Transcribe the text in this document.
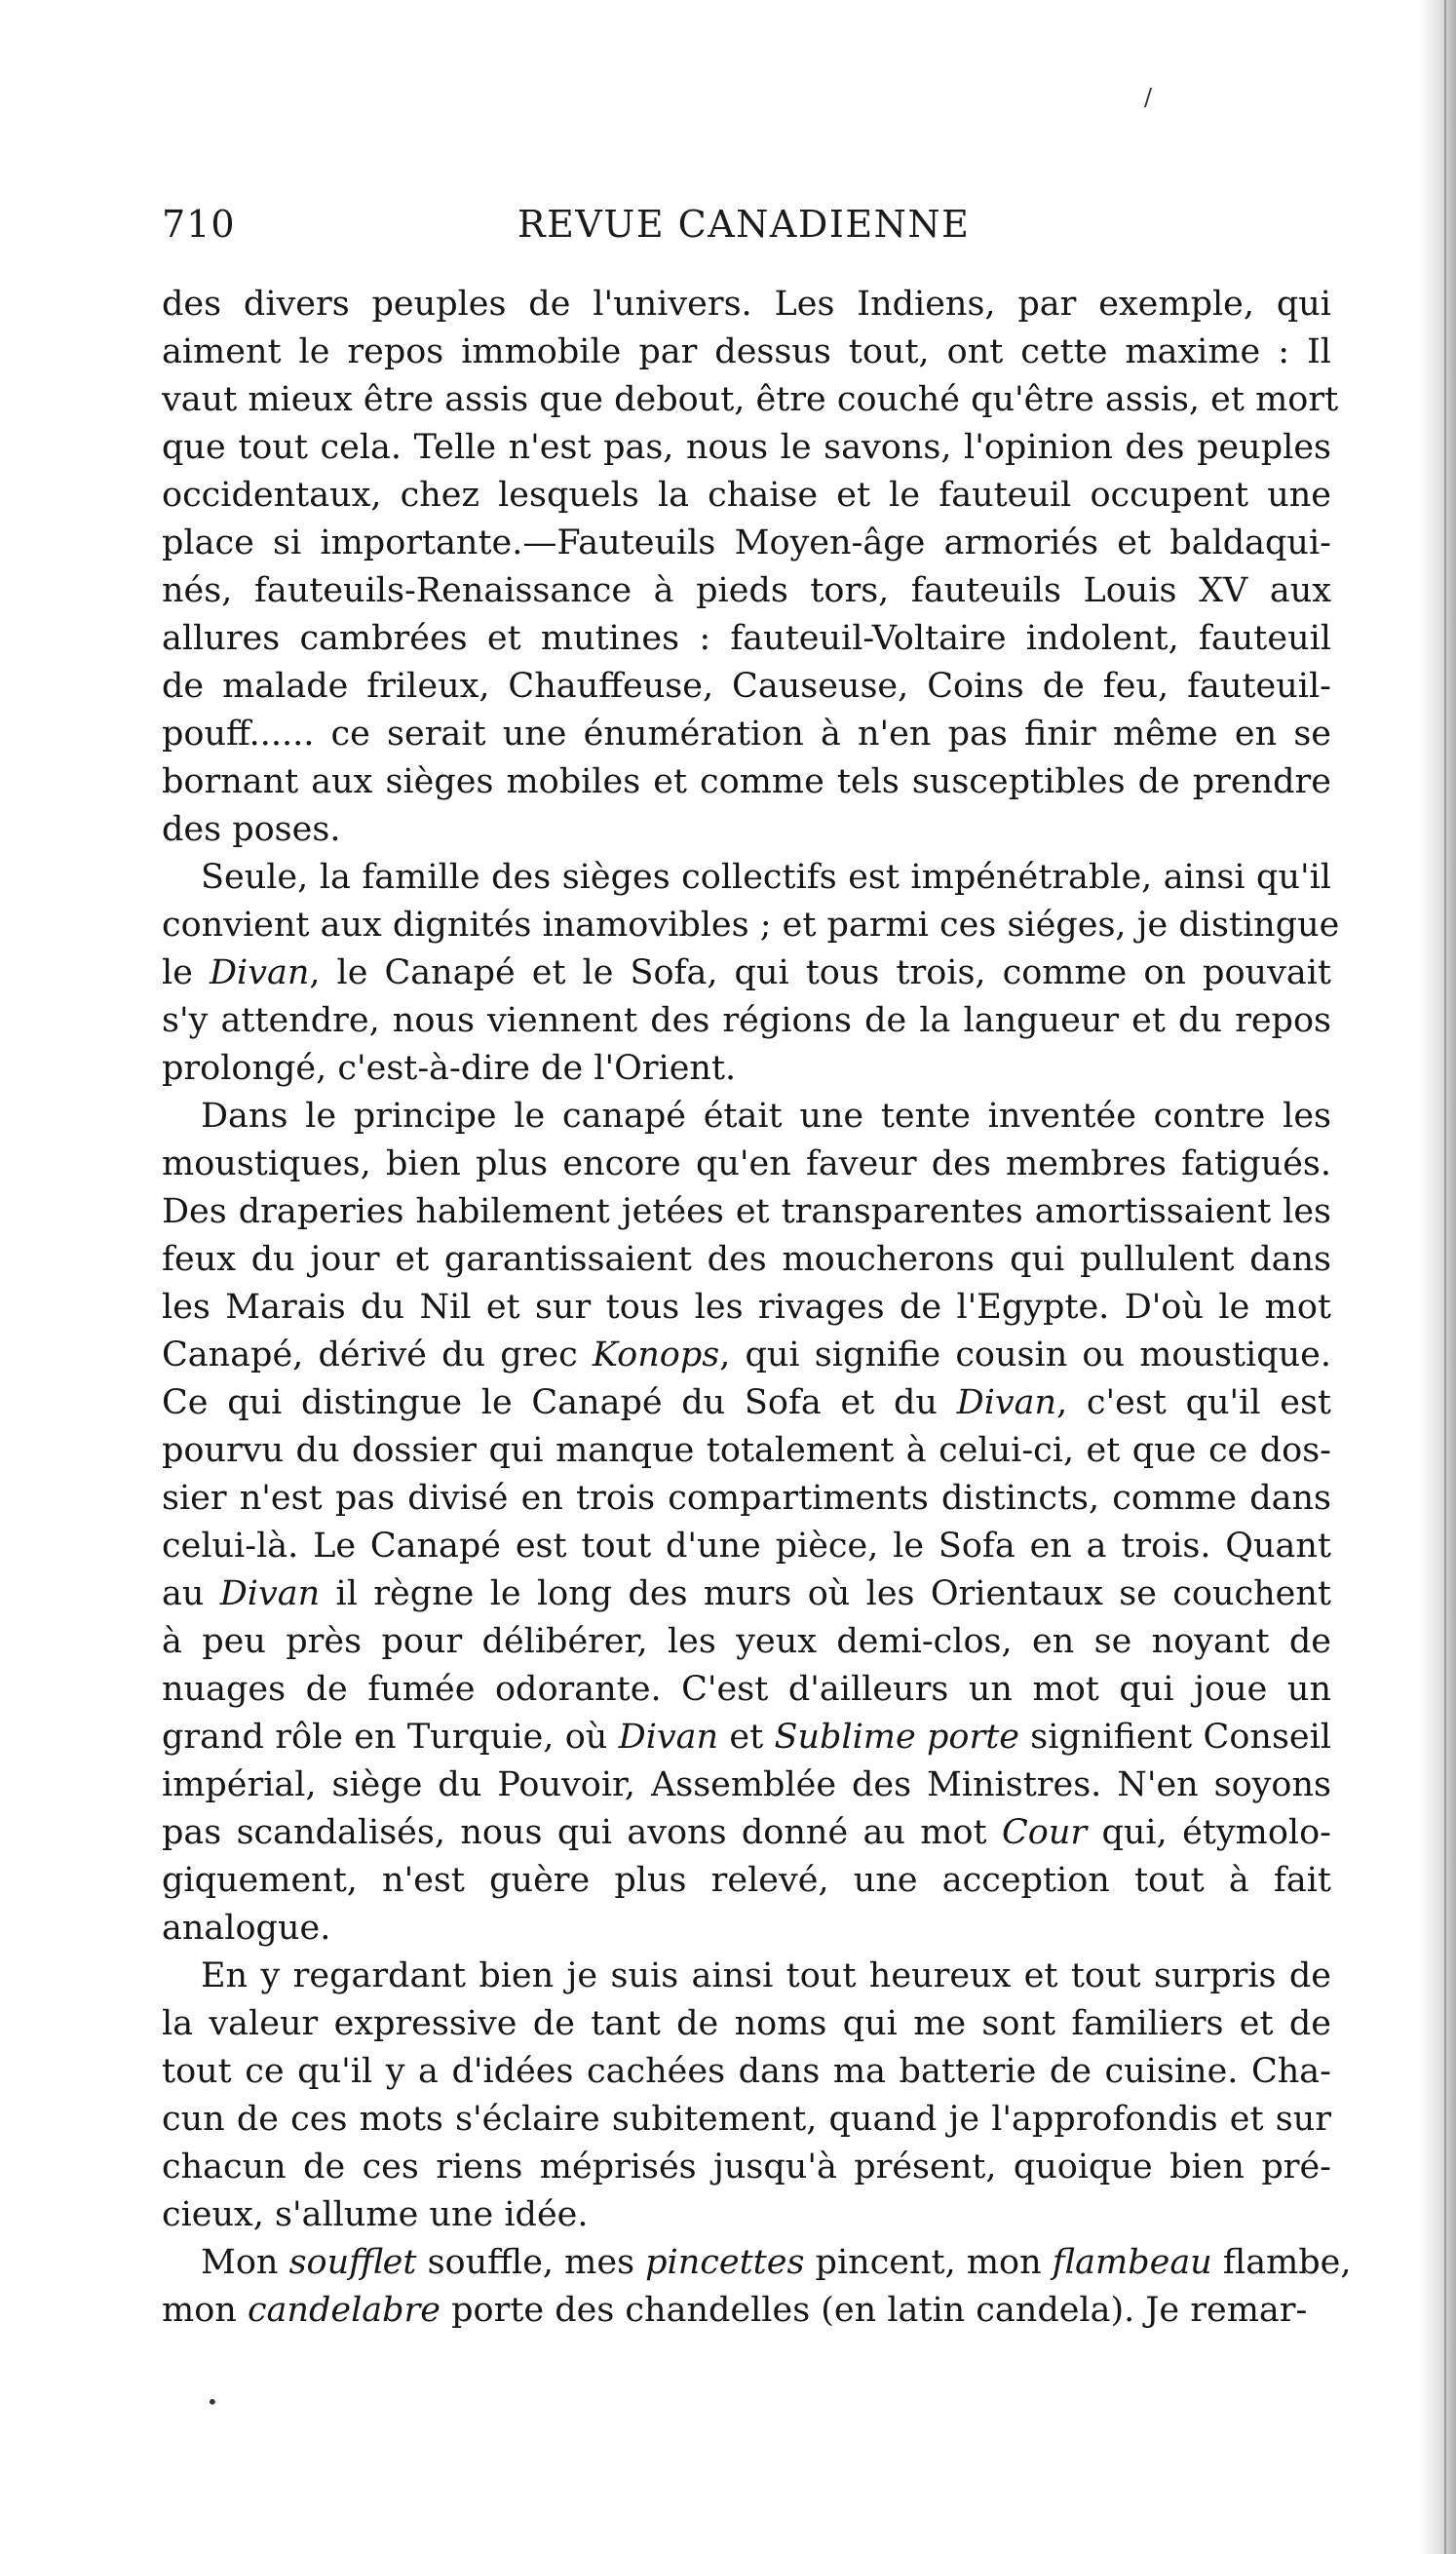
/
•
710	REVUE CANADIENNE
des divers peuples de l'univers. Les Indiens, par exemple, qui
aiment le repos immobile par dessus tout, ont cette maxime : Il
vaut mieux être assis que debout, être couché qu'être assis, et mort
que tout cela. Telle n'est pas, nous le savons, l'opinion des peuples
occidentaux, chez lesquels la chaise et le fauteuil occupent une
place si importante.—Fauteuils Moyen-âge armoriés et baldaqui-
nés, fauteuils-Renaissance à pieds tors, fauteuils Louis XV aux
allures cambrées et mutines : fauteuil-Voltaire indolent, fauteuil
de malade frileux, Chauffeuse, Causeuse, Coins de feu, fauteuil-
pouff...... ce serait une énumération à n'en pas finir même en se
bornant aux sièges mobiles et comme tels susceptibles de prendre
des poses.
Seule, la famille des sièges collectifs est impénétrable, ainsi qu'il
convient aux dignités inamovibles ; et parmi ces siéges, je distingue
le Divan, le Canapé et le Sofa, qui tous trois, comme on pouvait
s'y attendre, nous viennent des régions de la langueur et du repos
prolongé, c'est-à-dire de l'Orient.
Dans le principe le canapé était une tente inventée contre les
moustiques, bien plus encore qu'en faveur des membres fatigués.
Des draperies habilement jetées et transparentes amortissaient les
feux du jour et garantissaient des moucherons qui pullulent dans
les Marais du Nil et sur tous les rivages de l'Egypte. D'où le mot
Canapé, dérivé du grec Konops, qui signifie cousin ou moustique.
Ce qui distingue le Canapé du Sofa et du Divan, c'est qu'il est
pourvu du dossier qui manque totalement à celui-ci, et que ce dos-
sier n'est pas divisé en trois compartiments distincts, comme dans
celui-là. Le Canapé est tout d'une pièce, le Sofa en a trois. Quant
au Divan il règne le long des murs où les Orientaux se couchent
à peu près pour délibérer, les yeux demi-clos, en se noyant de
nuages de fumée odorante. C'est d'ailleurs un mot qui joue un
grand rôle en Turquie, où Divan et Sublime porte signifient Conseil
impérial, siège du Pouvoir, Assemblée des Ministres. N'en soyons
pas scandalisés, nous qui avons donné au mot Cour qui, étymolo-
giquement, n'est guère plus relevé, une acception tout à fait
analogue.
En y regardant bien je suis ainsi tout heureux et tout surpris de
la valeur expressive de tant de noms qui me sont familiers et de
tout ce qu'il y a d'idées cachées dans ma batterie de cuisine. Cha-
cun de ces mots s'éclaire subitement, quand je l'approfondis et sur
chacun de ces riens méprisés jusqu'à présent, quoique bien pré-
cieux, s'allume une idée.
Mon soufflet souffle, mes pincettes pincent, mon flambeau flambe,
mon candelabre porte des chandelles (en latin candela). Je remar-
